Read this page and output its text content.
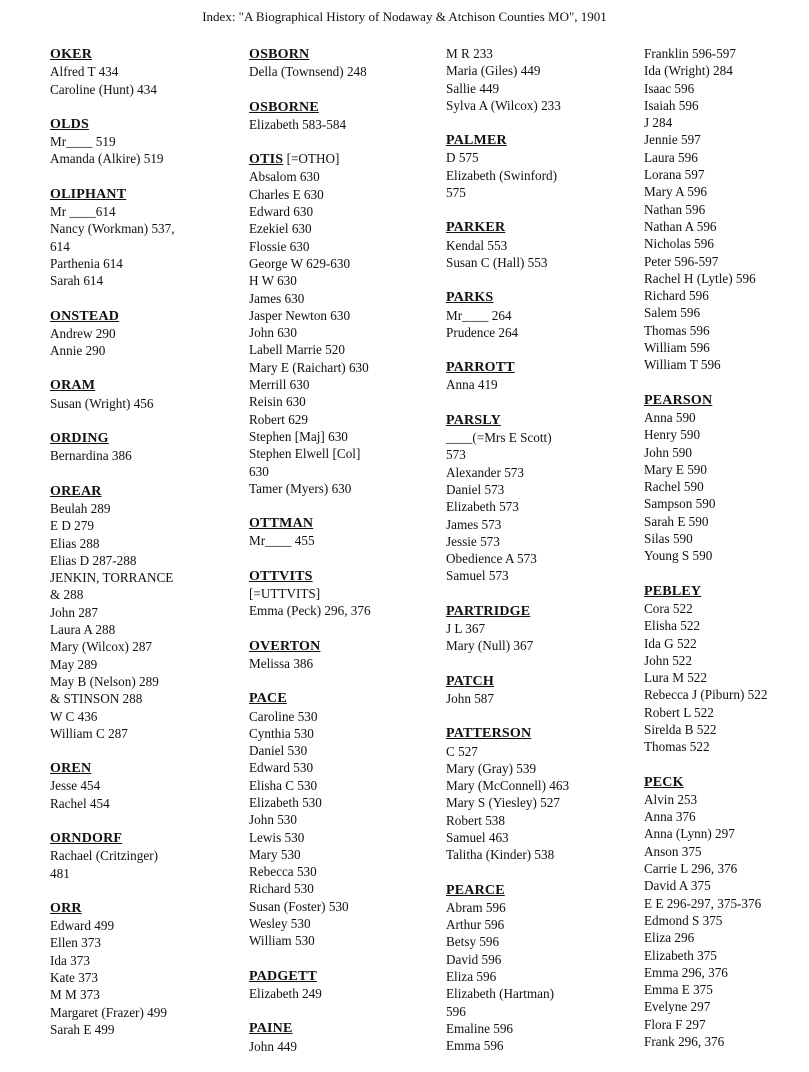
Index: "A Biographical History of Nodaway & Atchison Counties MO", 1901
OKER
Alfred T 434
Caroline (Hunt) 434
OLDS
Mr____ 519
Amanda (Alkire) 519
OLIPHANT
Mr ____614
Nancy (Workman) 537,
614
Parthenia 614
Sarah 614
ONSTEAD
Andrew 290
Annie 290
ORAM
Susan (Wright) 456
ORDING
Bernardina 386
OREAR
Beulah 289
E D 279
Elias 288
Elias D 287-288
JENKIN, TORRANCE
& 288
John 287
Laura A 288
Mary (Wilcox) 287
May 289
May B (Nelson) 289
& STINSON 288
W C 436
William C 287
OREN
Jesse 454
Rachel 454
ORNDORF
Rachael (Critzinger)
481
ORR
Edward 499
Ellen 373
Ida 373
Kate 373
M M 373
Margaret (Frazer) 499
Sarah E 499
OSBORN
Della (Townsend) 248
OSBORNE
Elizabeth 583-584
OTIS [=OTHO]
Absalom 630
Charles E 630
Edward 630
Ezekiel 630
Flossie 630
George W 629-630
H W 630
James 630
Jasper Newton 630
John 630
Labell Marrie 520
Mary E (Raichart) 630
Merrill 630
Reisin 630
Robert 629
Stephen [Maj] 630
Stephen Elwell [Col]
630
Tamer (Myers) 630
OTTMAN
Mr____ 455
OTTVITS
[=UTTVITS]
Emma (Peck) 296, 376
OVERTON
Melissa 386
PACE
Caroline 530
Cynthia 530
Daniel 530
Edward 530
Elisha C 530
Elizabeth 530
John 530
Lewis 530
Mary 530
Rebecca 530
Richard 530
Susan (Foster) 530
Wesley 530
William 530
PADGETT
Elizabeth 249
PAINE
John 449
M R 233
Maria (Giles) 449
Sallie 449
Sylva A (Wilcox) 233
PALMER
D 575
Elizabeth (Swinford)
575
PARKER
Kendal 553
Susan C (Hall) 553
PARKS
Mr____ 264
Prudence 264
PARROTT
Anna 419
PARSLY
____(=Mrs E Scott)
573
Alexander 573
Daniel 573
Elizabeth 573
James 573
Jessie 573
Obedience A 573
Samuel 573
PARTRIDGE
J L 367
Mary (Null) 367
PATCH
John 587
PATTERSON
C 527
Mary (Gray) 539
Mary (McConnell) 463
Mary S (Yiesley) 527
Robert 538
Samuel 463
Talitha (Kinder) 538
PEARCE
Abram 596
Arthur 596
Betsy 596
David 596
Eliza 596
Elizabeth (Hartman)
596
Emaline 596
Emma 596
Franklin 596-597
Ida (Wright) 284
Isaac 596
Isaiah 596
J 284
Jennie 597
Laura 596
Lorana 597
Mary A 596
Nathan 596
Nathan A 596
Nicholas 596
Peter 596-597
Rachel H (Lytle) 596
Richard 596
Salem 596
Thomas 596
William 596
William T 596
PEARSON
Anna 590
Henry 590
John 590
Mary E 590
Rachel 590
Sampson 590
Sarah E 590
Silas 590
Young S 590
PEBLEY
Cora 522
Elisha 522
Ida G 522
John 522
Lura M 522
Rebecca J (Piburn) 522
Robert L 522
Sirelda B 522
Thomas 522
PECK
Alvin 253
Anna 376
Anna (Lynn) 297
Anson 375
Carrie L 296, 376
David A 375
E E 296-297, 375-376
Edmond S 375
Eliza 296
Elizabeth 375
Emma 296, 376
Emma E 375
Evelyne 297
Flora F 297
Frank 296, 376
